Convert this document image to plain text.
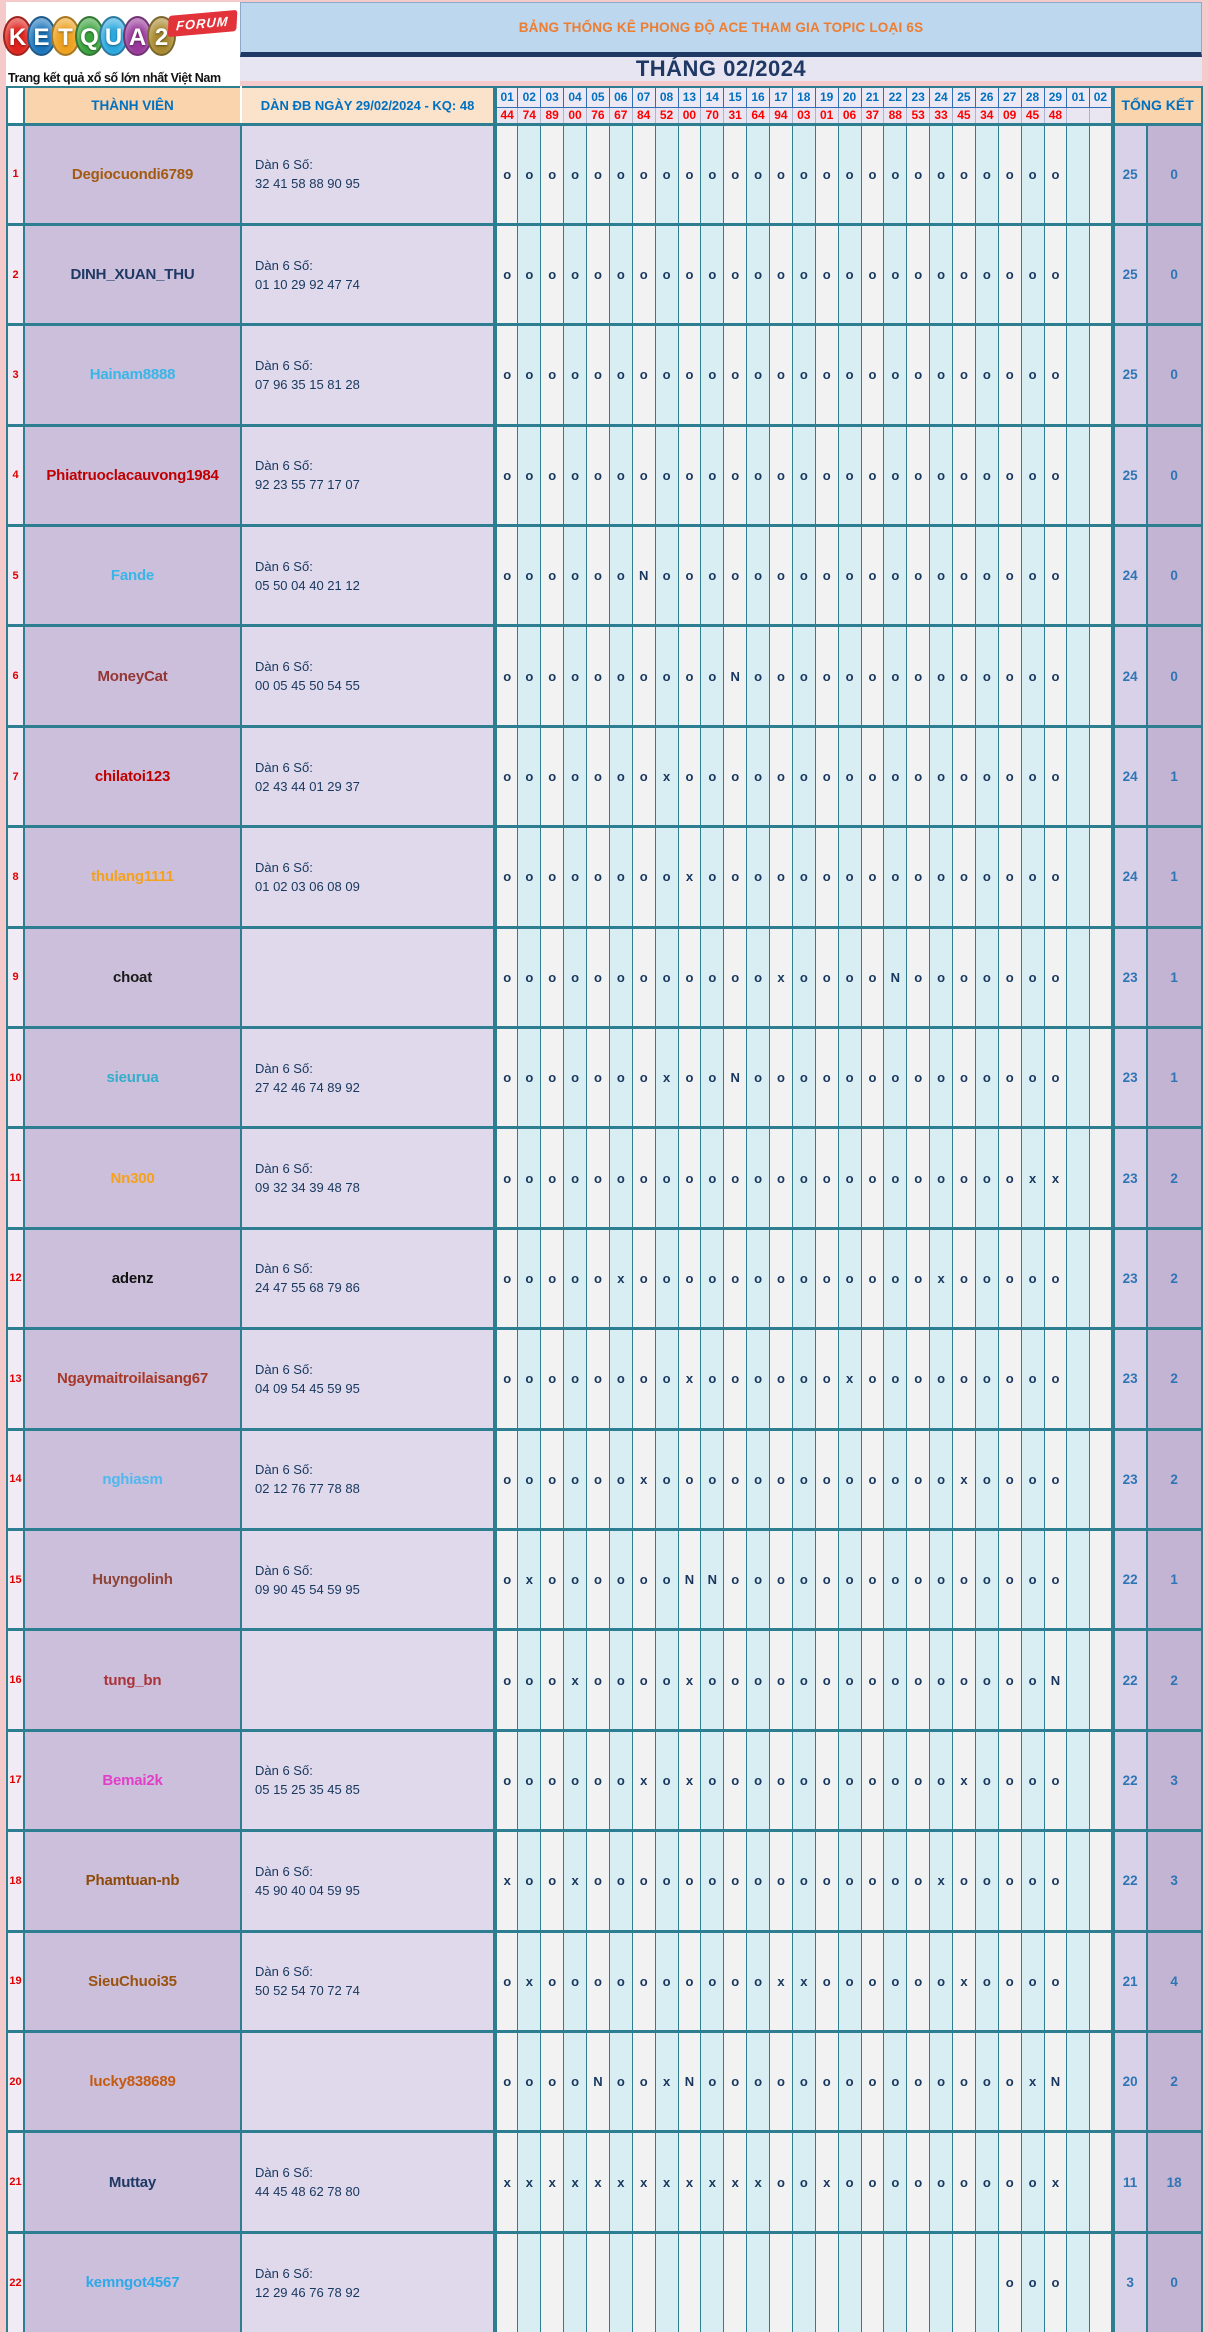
K E T Q U A 2
FORUM
Trang kết quả xổ số lớn nhất Việt Nam
BẢNG THỐNG KÊ PHONG ĐỘ ACE THAM GIA TOPIC LOẠI 6S
THÁNG 02/2024
	THÀNH VIÊN	DÀN ĐB NGÀY 29/02/2024 - KQ: 48	01	02	03	04	05	06	07	08	13	14	15	16	17	18	19	20	21	22	23	24	25	26	27	28	29	01	02	TỔNG KẾT	
			44	74	89	00	76	67	84	52	00	70	31	64	94	03	01	06	37	88	53	33	45	34	09	45	48				
1	Degiocuondi6789	Dàn 6 Số:
32 41 58 88 90 95	o	o	o	o	o	o	o	o	o	o	o	o	o	o	o	o	o	o	o	o	o	o	o	o	o			25	0
2	DINH_XUAN_THU	Dàn 6 Số:
01 10 29 92 47 74	o	o	o	o	o	o	o	o	o	o	o	o	o	o	o	o	o	o	o	o	o	o	o	o	o			25	0
3	Hainam8888	Dàn 6 Số:
07 96 35 15 81 28	o	o	o	o	o	o	o	o	o	o	o	o	o	o	o	o	o	o	o	o	o	o	o	o	o			25	0
4	Phiatruoclacauvong1984	Dàn 6 Số:
92 23 55 77 17 07	o	o	o	o	o	o	o	o	o	o	o	o	o	o	o	o	o	o	o	o	o	o	o	o	o			25	0
5	Fande	Dàn 6 Số:
05 50 04 40 21 12	o	o	o	o	o	o	N	o	o	o	o	o	o	o	o	o	o	o	o	o	o	o	o	o	o			24	0
6	MoneyCat	Dàn 6 Số:
00 05 45 50 54 55	o	o	o	o	o	o	o	o	o	o	N	o	o	o	o	o	o	o	o	o	o	o	o	o	o			24	0
7	chilatoi123	Dàn 6 Số:
02 43 44 01 29 37	o	o	o	o	o	o	o	x	o	o	o	o	o	o	o	o	o	o	o	o	o	o	o	o	o			24	1
8	thulang1111	Dàn 6 Số:
01 02 03 06 08 09	o	o	o	o	o	o	o	o	x	o	o	o	o	o	o	o	o	o	o	o	o	o	o	o	o			24	1
9	choat		o	o	o	o	o	o	o	o	o	o	o	o	x	o	o	o	o	N	o	o	o	o	o	o	o			23	1
10	sieurua	Dàn 6 Số:
27 42 46 74 89 92	o	o	o	o	o	o	o	x	o	o	N	o	o	o	o	o	o	o	o	o	o	o	o	o	o			23	1
11	Nn300	Dàn 6 Số:
09 32 34 39 48 78	o	o	o	o	o	o	o	o	o	o	o	o	o	o	o	o	o	o	o	o	o	o	o	x	x			23	2
12	adenz	Dàn 6 Số:
24 47 55 68 79 86	o	o	o	o	o	x	o	o	o	o	o	o	o	o	o	o	o	o	o	x	o	o	o	o	o			23	2
13	Ngaymaitroilaisang67	Dàn 6 Số:
04 09 54 45 59 95	o	o	o	o	o	o	o	o	x	o	o	o	o	o	o	x	o	o	o	o	o	o	o	o	o			23	2
14	nghiasm	Dàn 6 Số:
02 12 76 77 78 88	o	o	o	o	o	o	x	o	o	o	o	o	o	o	o	o	o	o	o	o	x	o	o	o	o			23	2
15	Huyngolinh	Dàn 6 Số:
09 90 45 54 59 95	o	x	o	o	o	o	o	o	N	N	o	o	o	o	o	o	o	o	o	o	o	o	o	o	o			22	1
16	tung_bn		o	o	o	x	o	o	o	o	x	o	o	o	o	o	o	o	o	o	o	o	o	o	o	o	N			22	2
17	Bemai2k	Dàn 6 Số:
05 15 25 35 45 85	o	o	o	o	o	o	x	o	x	o	o	o	o	o	o	o	o	o	o	o	x	o	o	o	o			22	3
18	Phamtuan-nb	Dàn 6 Số:
45 90 40 04 59 95	x	o	o	x	o	o	o	o	o	o	o	o	o	o	o	o	o	o	o	x	o	o	o	o	o			22	3
19	SieuChuoi35	Dàn 6 Số:
50 52 54 70 72 74	o	x	o	o	o	o	o	o	o	o	o	o	x	x	o	o	o	o	o	o	x	o	o	o	o			21	4
20	lucky838689		o	o	o	o	N	o	o	x	N	o	o	o	o	o	o	o	o	o	o	o	o	o	o	x	N			20	2
21	Muttay	Dàn 6 Số:
44 45 48 62 78 80	x	x	x	x	x	x	x	x	x	x	x	x	o	o	x	o	o	o	o	o	o	o	o	o	x			11	18
22	kemngot4567	Dàn 6 Số:
12 29 46 76 78 92																							o	o	o			3	0
